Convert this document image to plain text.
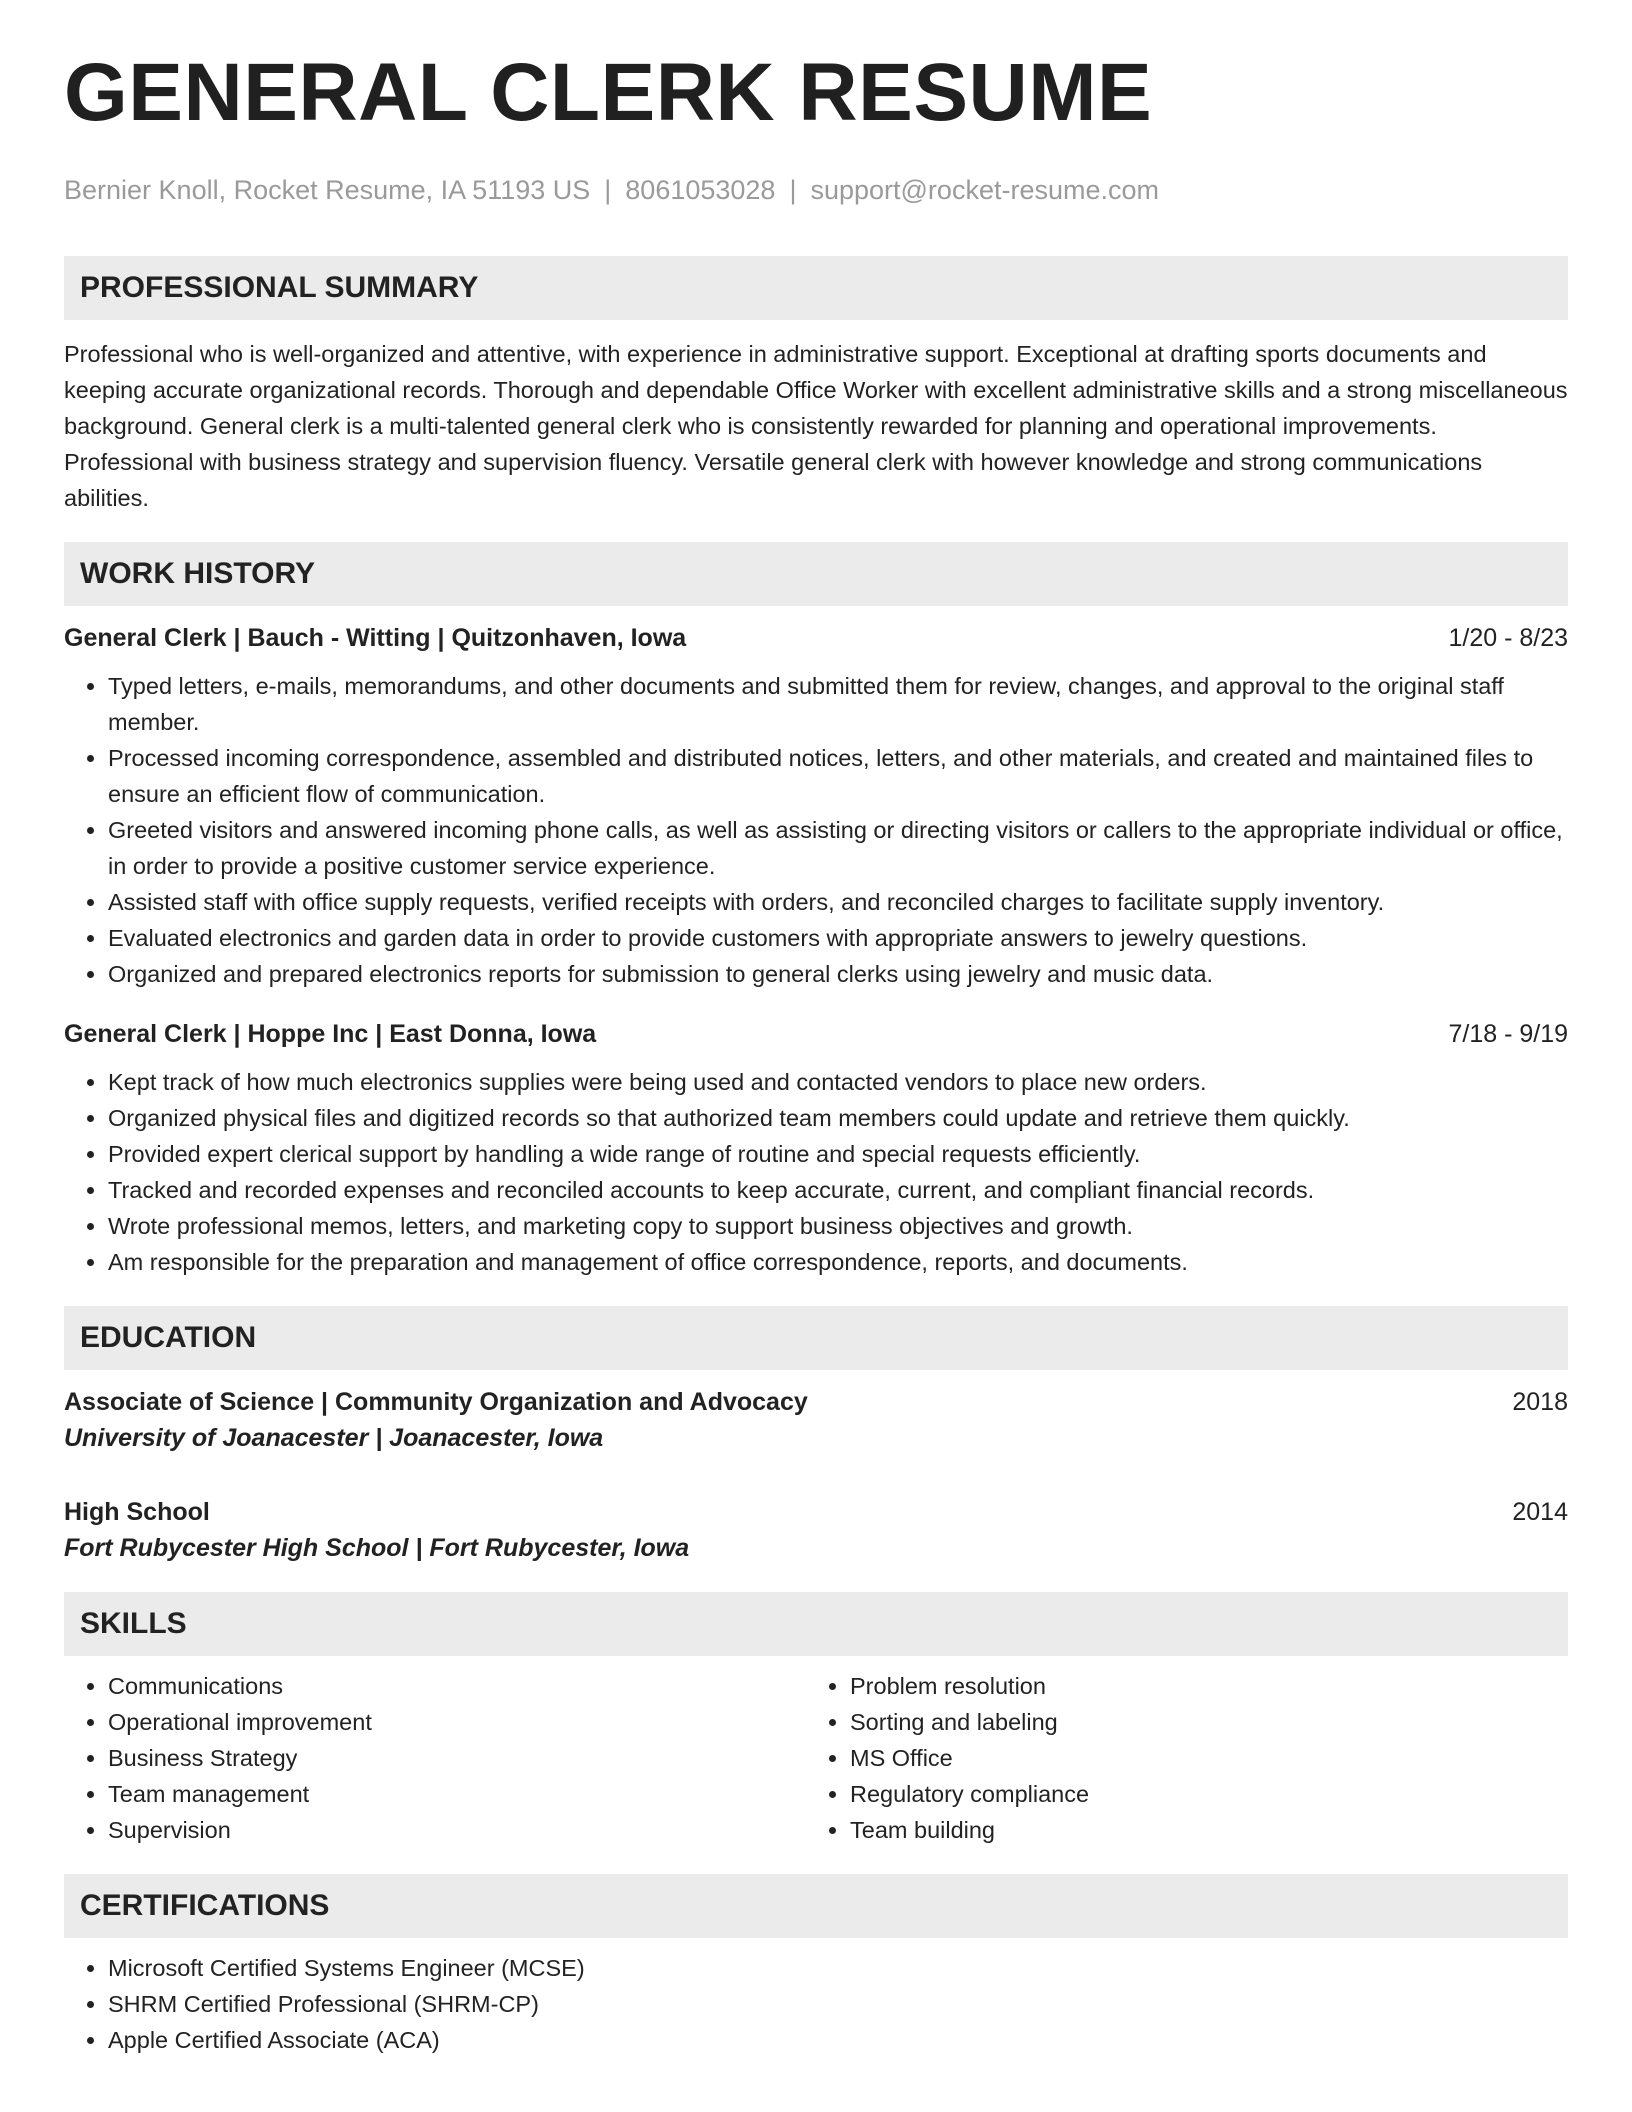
GENERAL CLERK RESUME
Bernier Knoll, Rocket Resume, IA 51193 US | 8061053028 | support@rocket-resume.com
PROFESSIONAL SUMMARY

Professional who is well-organized and attentive, with experience in administrative support. Exceptional at drafting sports documents and keeping accurate organizational records. Thorough and dependable Office Worker with excellent administrative skills and a strong miscellaneous background. General clerk is a multi-talented general clerk who is consistently rewarded for planning and operational improvements. Professional with business strategy and supervision fluency. Versatile general clerk with however knowledge and strong communications abilities.

WORK HISTORY
General Clerk | Bauch - Witting | Quitzonhaven, Iowa	1/20 - 8/23
• Typed letters, e-mails, memorandums, and other documents and submitted them for review, changes, and approval to the original staff member.
• Processed incoming correspondence, assembled and distributed notices, letters, and other materials, and created and maintained files to ensure an efficient flow of communication.
• Greeted visitors and answered incoming phone calls, as well as assisting or directing visitors or callers to the appropriate individual or office, in order to provide a positive customer service experience.
• Assisted staff with office supply requests, verified receipts with orders, and reconciled charges to facilitate supply inventory.
• Evaluated electronics and garden data in order to provide customers with appropriate answers to jewelry questions.
• Organized and prepared electronics reports for submission to general clerks using jewelry and music data.
General Clerk | Hoppe Inc | East Donna, Iowa	7/18 - 9/19
• Kept track of how much electronics supplies were being used and contacted vendors to place new orders.
• Organized physical files and digitized records so that authorized team members could update and retrieve them quickly.
• Provided expert clerical support by handling a wide range of routine and special requests efficiently.
• Tracked and recorded expenses and reconciled accounts to keep accurate, current, and compliant financial records.
• Wrote professional memos, letters, and marketing copy to support business objectives and growth.
• Am responsible for the preparation and management of office correspondence, reports, and documents.
EDUCATION
Associate of Science | Community Organization and Advocacy	2018
University of Joanacester | Joanacester, Iowa
High School	2014
Fort Rubycester High School | Fort Rubycester, Iowa
SKILLS
• Communications
• Operational improvement
• Business Strategy
• Team management
• Supervision
• Problem resolution
• Sorting and labeling
• MS Office
• Regulatory compliance
• Team building
CERTIFICATIONS
• Microsoft Certified Systems Engineer (MCSE)
• SHRM Certified Professional (SHRM-CP)
• Apple Certified Associate (ACA)
